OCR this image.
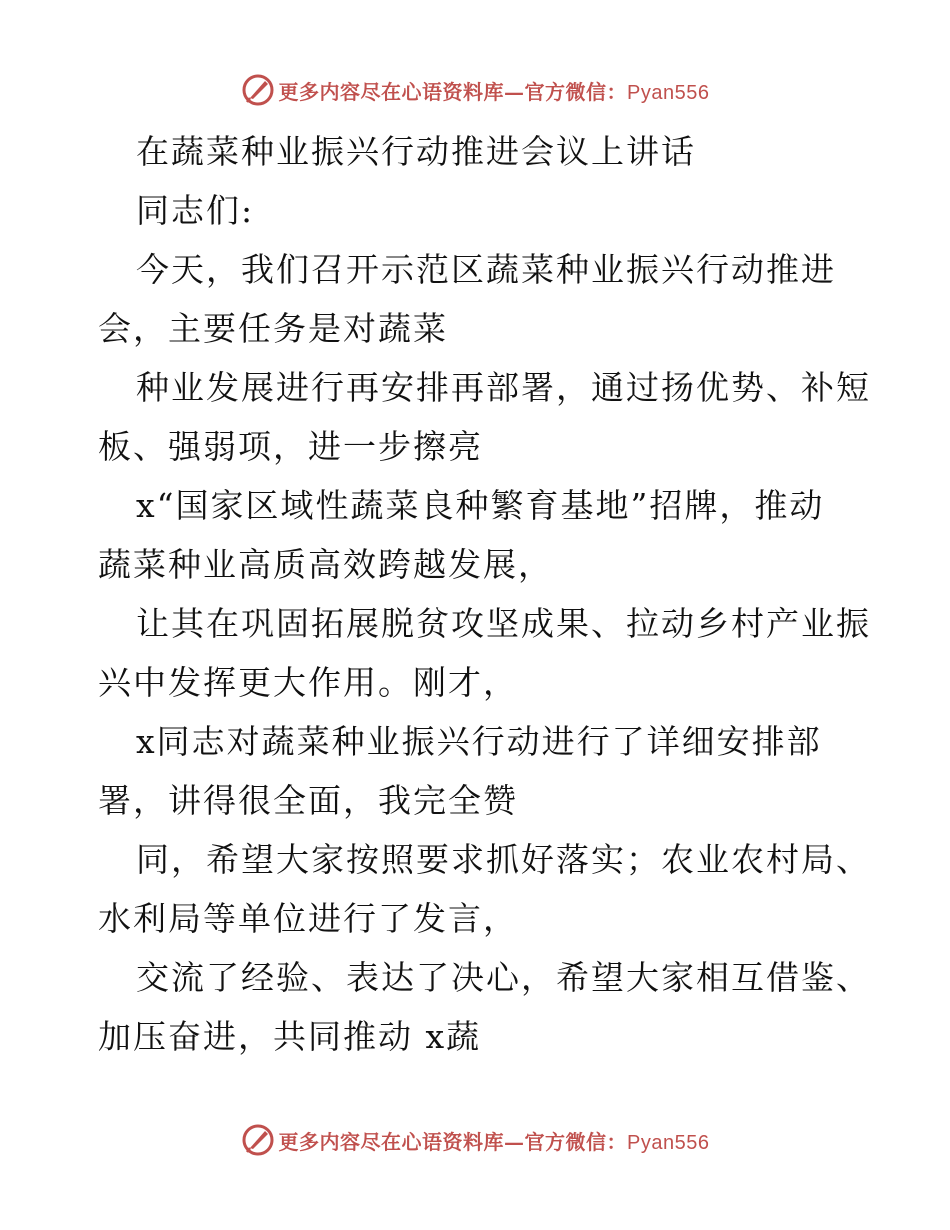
更多内容尽在心语资料库—官方微信：Pyan556
在蔬菜种业振兴行动推进会议上讲话
同志们:
今天，我们召开示范区蔬菜种业振兴行动推进
会，主要任务是对蔬菜
种业发展进行再安排再部署，通过扬优势、补短
板、强弱项，进一步擦亮
x“国家区域性蔬菜良种繁育基地”招牌，推动
蔬菜种业高质高效跨越发展，
让其在巩固拓展脱贫攻坚成果、拉动乡村产业振
兴中发挥更大作用。刚才，
x同志对蔬菜种业振兴行动进行了详细安排部
署，讲得很全面，我完全赞
同，希望大家按照要求抓好落实；农业农村局、
水利局等单位进行了发言，
交流了经验、表达了决心，希望大家相互借鉴、
加压奋进，共同推动 x蔬
更多内容尽在心语资料库—官方微信：Pyan556
